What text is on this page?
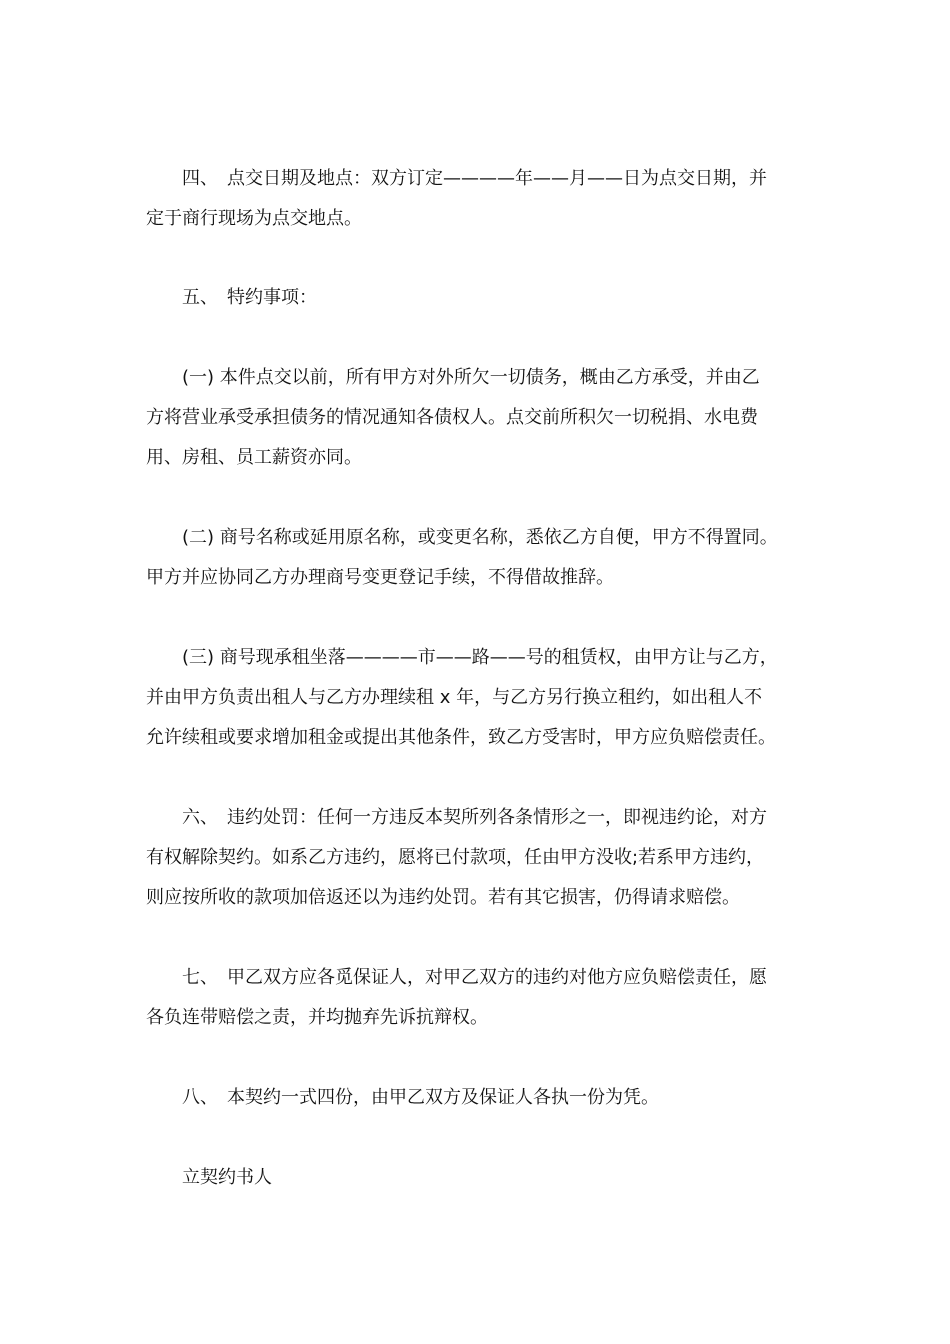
　　四、　点交日期及地点：双方订定————年——月——日为点交日期，并
定于商行现场为点交地点。
　　五、　特约事项：
　　(一) 本件点交以前，所有甲方对外所欠一切债务，概由乙方承受，并由乙
方将营业承受承担债务的情况通知各债权人。点交前所积欠一切税捐、水电费
用、房租、员工薪资亦同。
　　(二) 商号名称或延用原名称，或变更名称，悉依乙方自便，甲方不得置同。
甲方并应协同乙方办理商号变更登记手续，不得借故推辞。
　　(三) 商号现承租坐落————市——路——号的租赁权，由甲方让与乙方，
并由甲方负责出租人与乙方办理续租 x 年，与乙方另行换立租约，如出租人不
允许续租或要求增加租金或提出其他条件，致乙方受害时，甲方应负赔偿责任。
　　六、　违约处罚：任何一方违反本契所列各条情形之一，即视违约论，对方
有权解除契约。如系乙方违约，愿将已付款项，任由甲方没收;若系甲方违约，
则应按所收的款项加倍返还以为违约处罚。若有其它损害，仍得请求赔偿。
　　七、　甲乙双方应各觅保证人，对甲乙双方的违约对他方应负赔偿责任，愿
各负连带赔偿之责，并均抛弃先诉抗辩权。
　　八、　本契约一式四份，由甲乙双方及保证人各执一份为凭。
　　立契约书人
